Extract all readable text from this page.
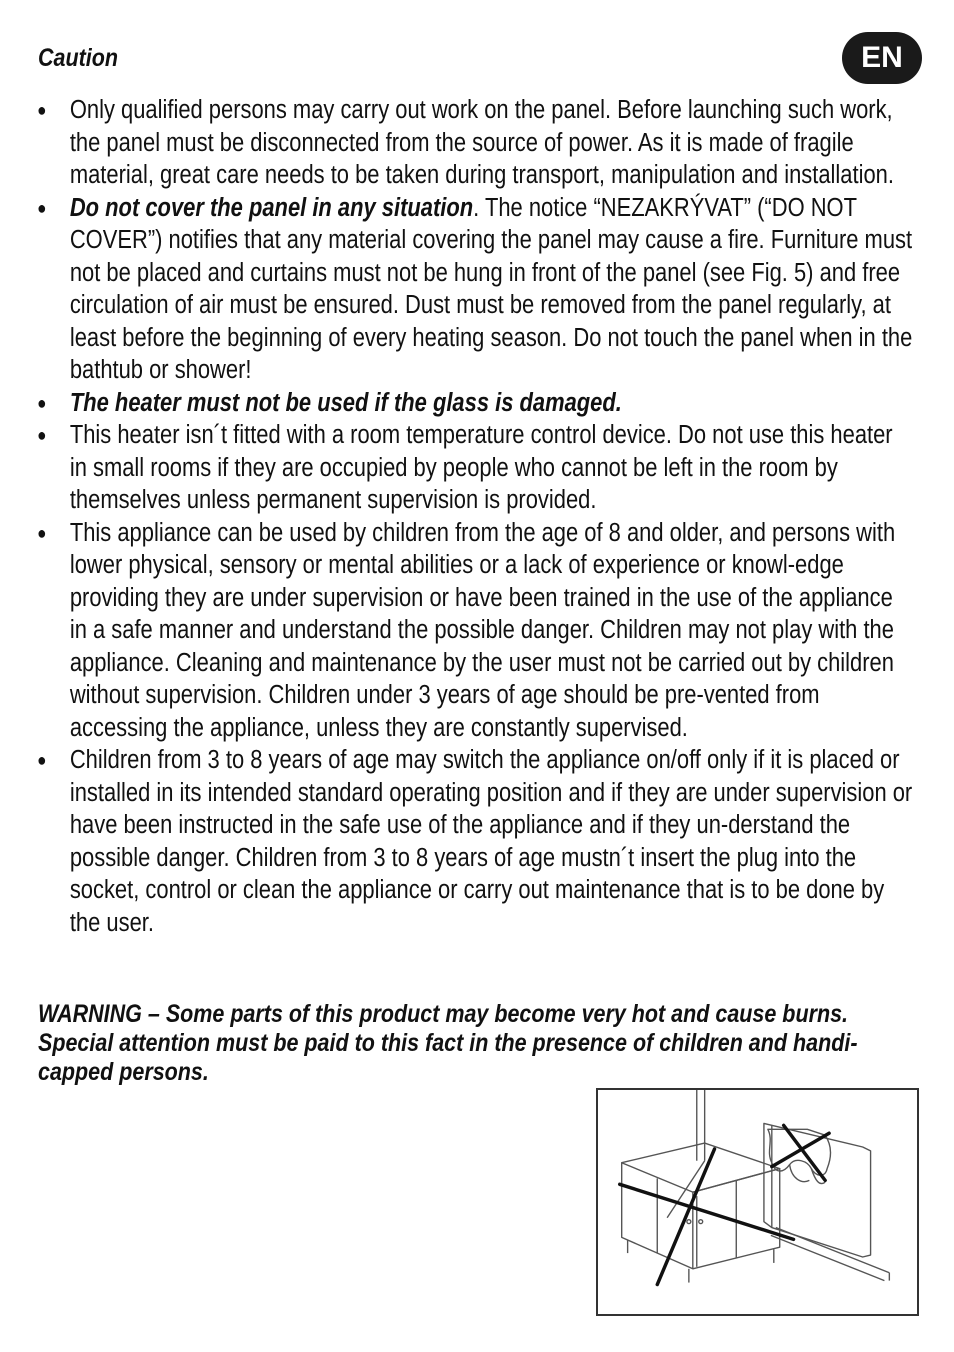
Caution	EN
● Only qualified persons may carry out work on the panel. Before launching such work, the panel must be disconnected from the source of power. As it is made of fragile material, great care needs to be taken during transport, manipulation and installation.
● Do not cover the panel in any situation. The notice “NEZAKRÝVAT” (“DO NOT COVER”) notifies that any material covering the panel may cause a fire. Furniture must not be placed and curtains must not be hung in front of the panel (see Fig. 5) and free circulation of air must be ensured. Dust must be removed from the panel regularly, at least before the beginning of every heating season. Do not touch the panel when in the bathtub or shower!
● The heater must not be used if the glass is damaged.
● This heater isn´t fitted with a room temperature control device. Do not use this heater in small rooms if they are occupied by people who cannot be left in the room by themselves unless permanent supervision is provided.
● This appliance can be used by children from the age of 8 and older, and persons with lower physical, sensory or mental abilities or a lack of experience or knowl-edge providing they are under supervision or have been trained in the use of the appliance in a safe manner and understand the possible danger. Children may not play with the appliance. Cleaning and maintenance by the user must not be carried out by children without supervision. Children under 3 years of age should be pre-vented from accessing the appliance, unless they are constantly supervised.
● Children from 3 to 8 years of age may switch the appliance on/off only if it is placed or installed in its intended standard operating position and if they are under supervision or have been instructed in the safe use of the appliance and if they un-derstand the possible danger. Children from 3 to 8 years of age mustn´t insert the plug into the socket, control or clean the appliance or carry out maintenance that is to be done by the user.

WARNING – Some parts of this product may become very hot and cause burns. Special attention must be paid to this fact in the presence of children and handi-capped persons.
